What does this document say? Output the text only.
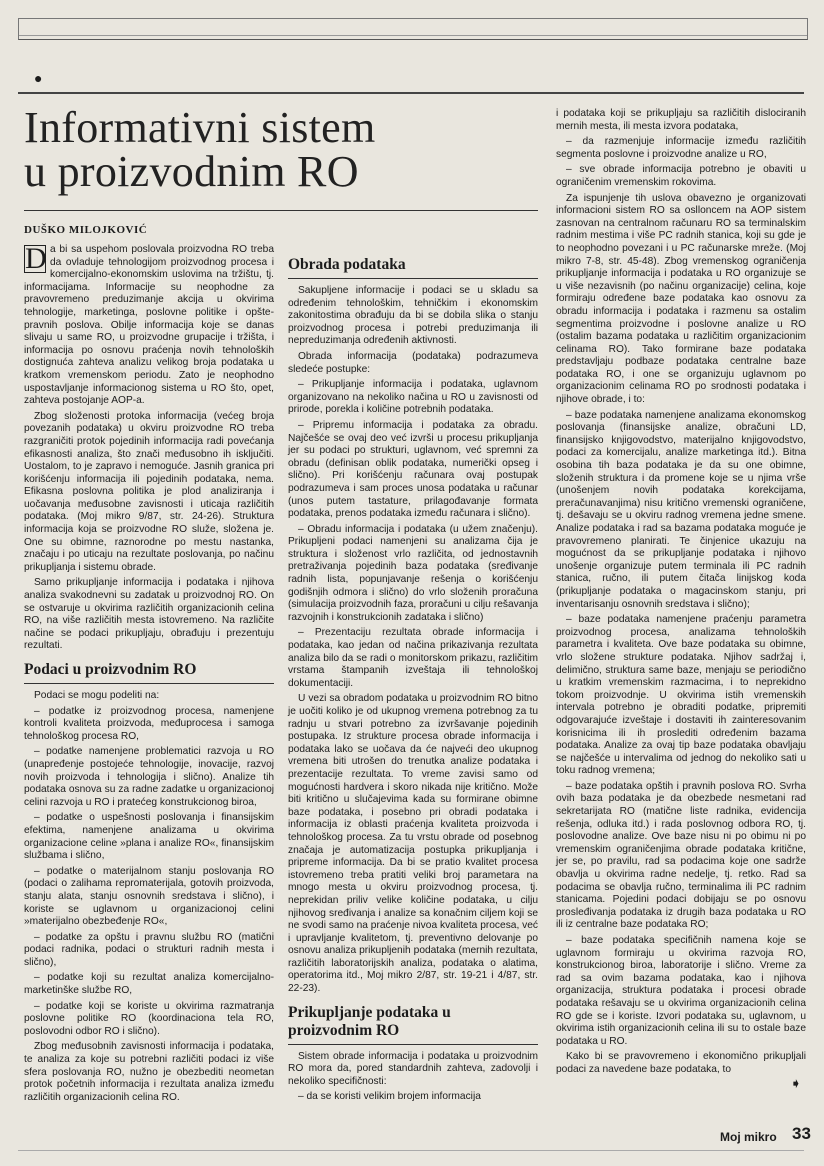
●
Informativni sistem
u proizvodnim RO
DUŠKO MILOJKOVIĆ

D a bi sa uspehom poslovala proizvodna RO treba da ovladuje tehnologijom proizvodnog procesa i komercijalno-ekonomskim uslovima na tržištu, tj. informacijama. Informacije su neophodne za pravovremeno preduzimanje akcija u okvirima tehnologije, marketinga, poslovne politike i opšte-pravnih poslova. Obilje informacija koje se danas slivaju u same RO, u proizvodne grupacije i tržišta, i informacija po osnovu praćenja novih tehnoloških dostignuća zahteva analizu velikog broja podataka u kratkom vremenskom periodu. Zato je neophodno uspostavljanje informacionog sistema u RO što, opet, zahteva postojanje AOP-a.

Zbog složenosti protoka informacija (većeg broja povezanih podataka) u okviru proizvodne RO treba razgraničiti protok pojedinih informacija radi povećanja efikasnosti analiza, što znači međusobno ih isključiti. Uostalom, to je zapravo i nemoguće. Jasnih granica pri korišćenju informacija ili pojedinih podataka, nema. Efikasna poslovna politika je plod analiziranja i uočavanja međusobne zavisnosti i uticaja različitih podataka. (Moj mikro 9/87, str. 24-26). Struktura informacija koja se proizvodne RO služe, složena je. One su obimne, raznorodne po mestu nastanka, značaju i po uticaju na rezultate poslovanja, po načinu prikupljanja i sistemu obrade.

Samo prikupljanje informacija i podataka i njihova analiza svakodnevni su zadatak u proizvodnoj RO. On se ostvaruje u okvirima različitih organizacionih celina RO, na više različitih mesta istovremeno. Na različite načine se podaci prikupljaju, obrađuju i prezentuju rezultati.

Podaci u proizvodnim RO

Podaci se mogu podeliti na:

– podatke iz proizvodnog procesa, namenjene kontroli kvaliteta proizvoda, međuprocesa i samoga tehnološkog procesa RO,

– podatke namenjene problematici razvoja u RO (unapređenje postojeće tehnologije, inovacije, razvoj novih proizvoda i tehnologija i slično). Analize tih podataka osnova su za radne zadatke u organizacionoj celini razvoja u RO i pratećeg konstrukcionog biroa,

– podatke o uspešnosti poslovanja i finansijskim efektima, namenjene analizama u okvirima organizacione celine »plana i analize RO«, finansijskim službama i slično,

– podatke o materijalnom stanju poslovanja RO (podaci o zalihama repromaterijala, gotovih proizvoda, stanju alata, stanju osnovnih sredstava i slično), i koriste se uglavnom u organizacionoj celini »materijalno obezbeđenje RO«,

– podatke za opštu i pravnu službu RO (matični podaci radnika, podaci o strukturi radnih mesta i slično),

– podatke koji su rezultat analiza komercijalno-marketinške službe RO,

– podatke koji se koriste u okvirima razmatranja poslovne politike RO (koordinaciona tela RO, poslovodni odbor RO i slično).

Zbog međusobnih zavisnosti informacija i podataka, te analiza za koje su potrebni različiti podaci iz više sfera poslovanja RO, nužno je obezbediti neometan protok početnih informacija i rezultata analiza između različitih organizacionih celina RO.

Obrada podataka

Sakupljene informacije i podaci se u skladu sa određenim tehnološkim, tehničkim i ekonomskim zakonitostima obrađuju da bi se dobila slika o stanju proizvodnog procesa i potrebi preduzimanja ili nepreduzimanja određenih aktivnosti.

Obrada informacija (podataka) podrazumeva sledeće postupke:

– Prikupljanje informacija i podataka, uglavnom organizovano na nekoliko načina u RO u zavisnosti od prirode, porekla i količine potrebnih podataka.

– Pripremu informacija i podataka za obradu. Najčešće se ovaj deo već izvrši u procesu prikupljanja jer su podaci po strukturi, uglavnom, već spremni za obradu (definisan oblik podataka, numerički opseg i slično). Pri korišćenju računara ovaj postupak podrazumeva i sam proces unosa podataka u računar (unos putem tastature, prilagođavanje formata podataka, prenos podataka između računara i slično).

– Obradu informacija i podataka (u užem značenju). Prikupljeni podaci namenjeni su analizama čija je struktura i složenost vrlo različita, od jednostavnih pretraživanja pojedinih baza podataka (sređivanje radnih lista, popunjavanje rešenja o korišćenju godišnjih odmora i slično) do vrlo složenih proračuna (simulacija proizvodnih faza, proračuni u cilju rešavanja razvojnih i konstrukcionih zadataka i slično)

– Prezentaciju rezultata obrade informacija i podataka, kao jedan od načina prikazivanja rezultata analiza bilo da se radi o monitorskom prikazu, različitim vrstama štampanih izveštaja ili tehnološkoj dokumentaciji.

U vezi sa obradom podataka u proizvodnim RO bitno je uočiti koliko je od ukupnog vremena potrebnog za tu radnju u stvari potrebno za izvršavanje pojedinih postupaka. Iz strukture procesa obrade informacija i podataka lako se uočava da će najveći deo ukupnog vremena biti utrošen do trenutka analize podataka i prezentacije rezultata. To vreme zavisi samo od mogućnosti hardvera i skoro nikada nije kritično. Može biti kritično u slučajevima kada su formirane obimne baze podataka, i posebno pri obradi podataka i informacija iz oblasti praćenja kvaliteta proizvoda i tehnološkog procesa. Za tu vrstu obrade od posebnog značaja je automatizacija postupka prikupljanja i pripreme informacija. Da bi se pratio kvalitet procesa istovremeno treba pratiti veliki broj parametara na mnogo mesta u okviru proizvodnog procesa, tj. neprekidan priliv velike količine podataka, u cilju njihovog sređivanja i analize sa konačnim ciljem koji se ne svodi samo na praćenje nivoa kvaliteta procesa, već i upravljanje kvalitetom, tj. preventivno delovanje po osnovu analiza prikupljenih podataka (mernih rezultata, različitih laboratorijskih analiza, podataka o alatima, operatorima itd., Moj mikro 2/87, str. 19-21 i 4/87, str. 22-23).

Prikupljanje podataka u proizvodnim RO

Sistem obrade informacija i podataka u proizvodnim RO mora da, pored standardnih zahteva, zadovolji i nekoliko specifičnosti:

– da se koristi velikim brojem informacija

i podataka koji se prikupljaju sa različitih dislociranih mernih mesta, ili mesta izvora podataka,

– da razmenjuje informacije između različitih segmenta poslovne i proizvodne analize u RO,

– sve obrade informacija potrebno je obaviti u ograničenim vremenskim rokovima.

Za ispunjenje tih uslova obavezno je organizovati informacioni sistem RO sa oslloncem na AOP sistem zasnovan na centralnom računaru RO sa terminalskim radnim mestima i više PC radnih stanica, koji su gde je to neophodno povezani i u PC računarske mreže. (Moj mikro 7-8, str. 45-48). Zbog vremenskog ograničenja prikupljanje informacija i podataka u RO organizuje se u više nezavisnih (po načinu organizacije) celina, koje formiraju određene baze podataka kao osnovu za obradu informacija i podataka i razmenu sa ostalim segmentima proizvodne i poslovne analize u RO (ostalim bazama podataka u različitim organizacionim celinama RO). Tako formirane baze podataka predstavljaju podbaze podataka centralne baze podataka RO, i one se organizuju uglavnom po organizacionim celinama RO po srodnosti podataka i njihove obrade, i to:

– baze podataka namenjene analizama ekonomskog poslovanja (finansijske analize, obračuni LD, finansijsko knjigovodstvo, materijalno knjigovodstvo, podaci za komercijalu, analize marketinga itd.). Bitna osobina tih baza podataka je da su one obimne, složenih struktura i da promene koje se u njima vrše (unošenjem novih podataka korekcijama, preračunavanjima) nisu kritično vremenski ograničene, tj. dešavaju se u okviru radnog vremena jedne smene. Analize podataka i rad sa bazama podataka moguće je pravovremeno planirati. Te činjenice ukazuju na mogućnost da se prikupljanje podataka i njihovo unošenje organizuje putem terminala ili PC radnih stanica, ručno, ili putem čitača linijskog koda (prikupljanje podataka o magacinskom stanju, pri inventarisanju osnovnih sredstava i slično);

– baze podataka namenjene praćenju parametra proizvodnog procesa, analizama tehnoloških parametra i kvaliteta. Ove baze podataka su obimne, vrlo složene strukture podataka. Njihov sadržaj i, delimično, struktura same baze, menjaju se periodično u kratkim vremenskim razmacima, i to neprekidno tokom proizvodnje. U okvirima istih vremenskih intervala potrebno je obraditi podatke, pripremiti odgovarajuće izveštaje i dostaviti ih zainteresovanim korisnicima ili ih proslediti određenim bazama podataka. Analize za ovaj tip baze podataka obavljaju se najčešće u intervalima od jednog do nekoliko sati u toku radnog vremena;

– baze podataka opštih i pravnih poslova RO. Svrha ovih baza podataka je da obezbede nesmetani rad sekretarijata RO (matične liste radnika, evidencija rešenja, odluka itd.) i rada poslovnog odbora RO, tj. poslovodne analize. Ove baze nisu ni po obimu ni po vremenskim ograničenjima obrade podataka kritične, jer se, po pravilu, rad sa podacima koje one sadrže obavlja u okvirima radne nedelje, tj. retko. Rad sa podacima se obavlja ručno, terminalima ili PC radnim stanicama. Pojedini podaci dobijaju se po osnovu prosleđivanja podataka iz drugih baza podataka u RO ili iz centralne baze podataka RO;

– baze podataka specifičnih namena koje se uglavnom formiraju u okvirima razvoja RO, konstrukcionog biroa, laboratorije i slično. Vreme za rad sa ovim bazama podataka, kao i njihova organizacija, struktura podataka i procesi obrade podataka rešavaju se u okvirima organizacionih celina RO gde se i koriste. Izvori podataka su, uglavnom, u okvirima istih organizacionih celina ili su to ostale baze podataka u RO.

Kako bi se pravovremeno i ekonomično prikupljali podaci za navedene baze podataka, to

➧
Moj mikro 33
